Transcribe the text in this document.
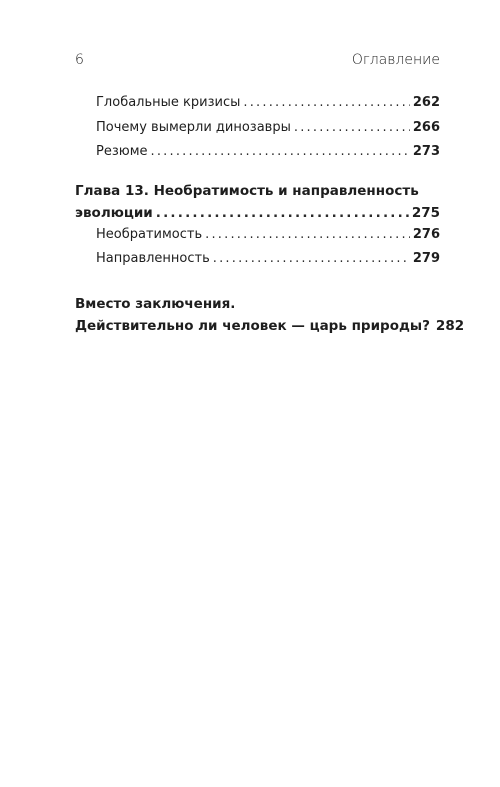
6	Оглавление
Глобальные кризисы .....	262
Почему вымерли динозавры .....	266
Резюме .....	273
Глава 13. Необратимость и направленность
эволюции .....	275
Необратимость .....	276
Направленность .....	279
Вместо заключения.
Действительно ли человек — царь природы? 282
